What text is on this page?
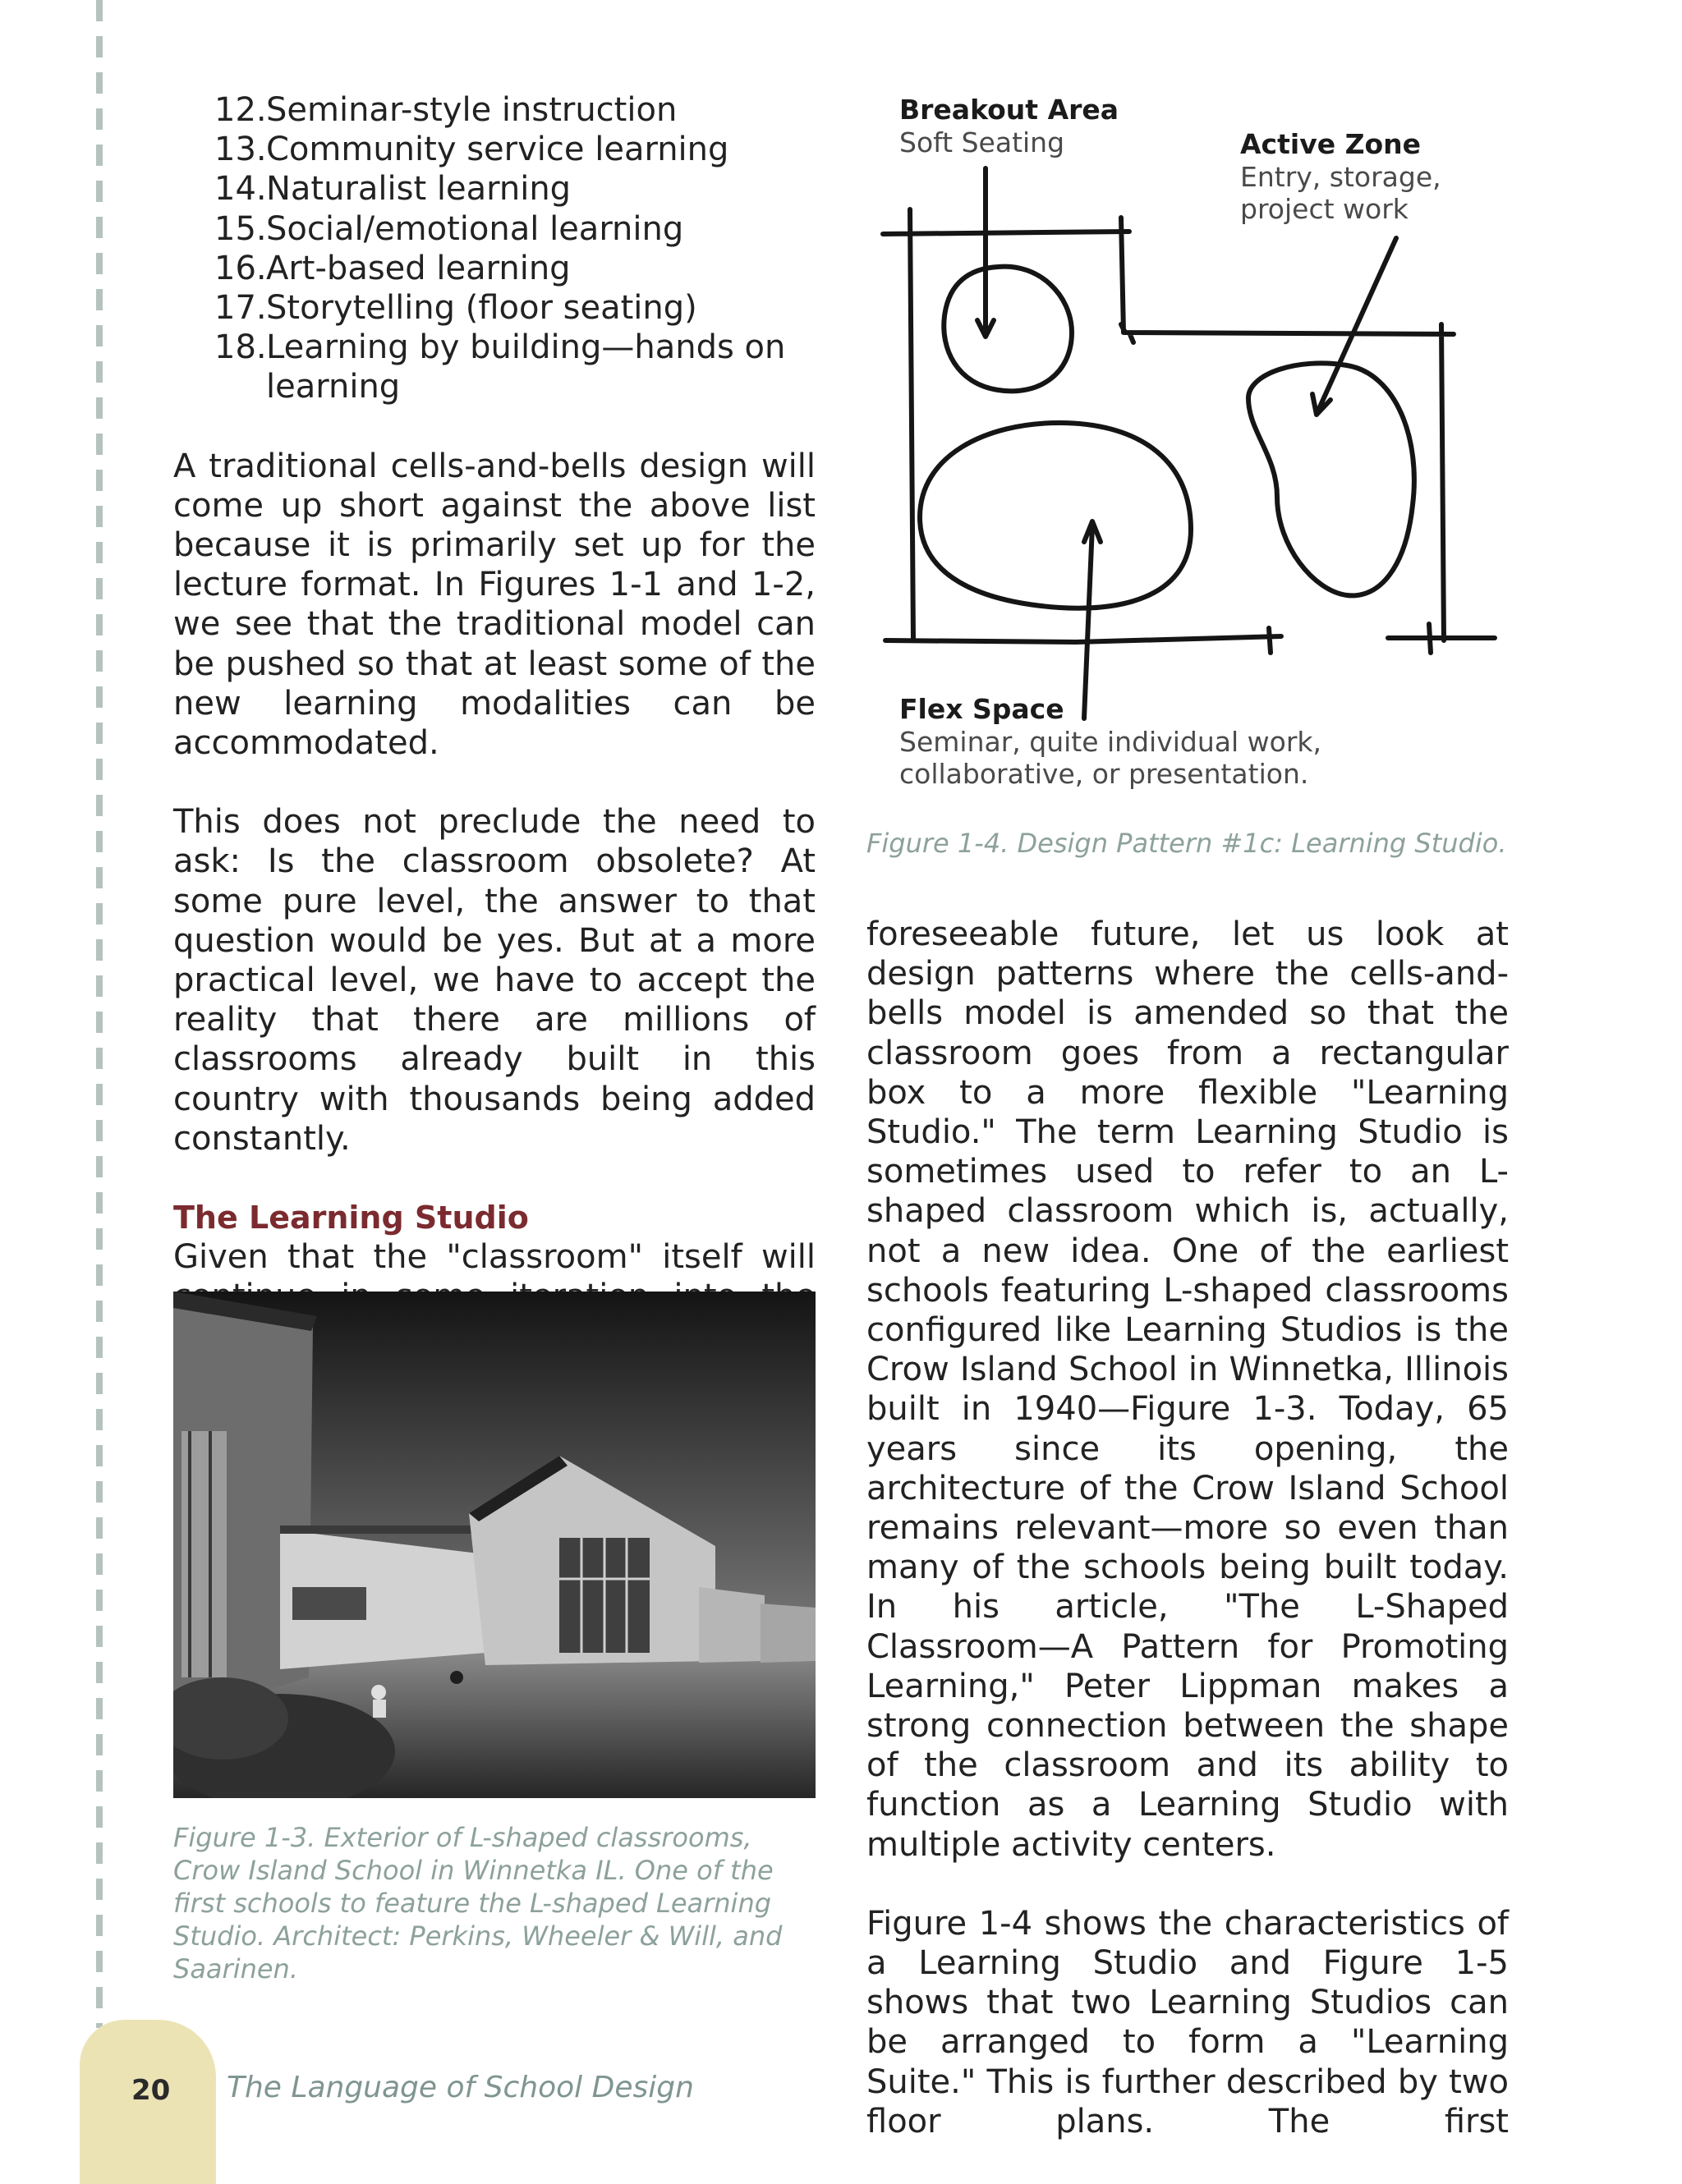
12. Seminar-style instruction
13. Community service learning
14. Naturalist learning
15. Social/emotional learning
16. Art-based learning
17. Storytelling (floor seating)
18. Learning by building—hands on learning

A traditional cells-and-bells design will come up short against the above list because it is primarily set up for the lecture format. In Figures 1-1 and 1-2, we see that the traditional model can be pushed so that at least some of the new learning modalities can be accommodated.

This does not preclude the need to ask: Is the classroom obsolete? At some pure level, the answer to that question would be yes. But at a more practical level, we have to accept the reality that there are millions of classrooms already built in this country with thousands being added constantly.

The Learning Studio

Given that the "classroom" itself will

Figure 1-3. Exterior of L-shaped classrooms, Crow Island School in Winnetka IL. One of the first schools to feature the L-shaped Learning Studio. Architect: Perkins, Wheeler & Will, and Saarinen.

Breakout Area
Soft Seating	Active Zone
Entry, storage,
project work
Flex Space
Seminar, quite individual work,
collaborative, or presentation.

Figure 1-4. Design Pattern #1c: Learning Studio.

foreseeable future, let us look at design patterns where the cells-and-bells model is amended so that the classroom goes from a rectangular box to a more flexible "Learning Studio." The term Learning Studio is sometimes used to refer to an L-shaped classroom which is, actually, not a new idea. One of the earliest schools featuring L-shaped classrooms configured like Learning Studios is the Crow Island School in Winnetka, Illinois built in 1940—Figure 1-3. Today, 65 years since its opening, the architecture of the Crow Island School remains relevant—more so even than many of the schools being built today. In his article, "The L-Shaped Classroom—A Pattern for Promoting Learning," Peter Lippman makes a strong connection between the shape of the classroom and its ability to function as a Learning Studio with multiple activity centers.

Figure 1-4 shows the characteristics of a Learning Studio and Figure 1-5 shows that two Learning Studios can be arranged to form a "Learning Suite." This is further described by two floor plans. The first

20 The Language of School Design
